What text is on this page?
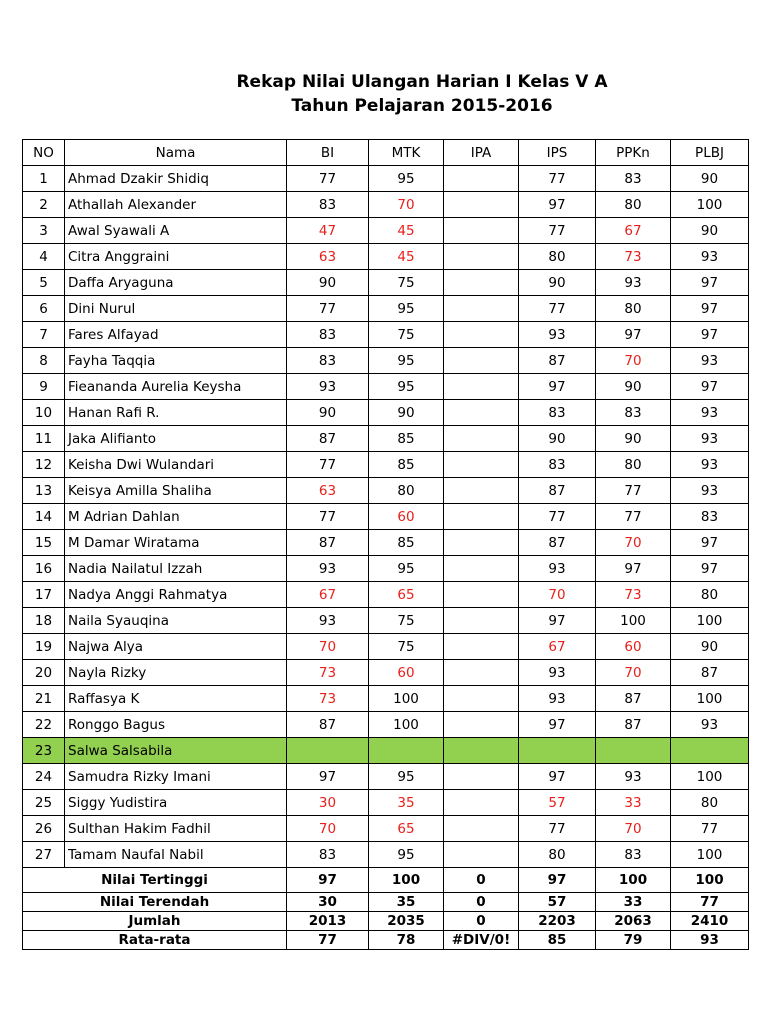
Rekap Nilai Ulangan Harian I Kelas V A
Tahun Pelajaran 2015-2016
NO	Nama	BI	MTK	IPA	IPS	PPKn	PLBJ
1	Ahmad Dzakir Shidiq	77	95		77	83	90
2	Athallah Alexander	83	70		97	80	100
3	Awal Syawali A	47	45		77	67	90
4	Citra Anggraini	63	45		80	73	93
5	Daffa Aryaguna	90	75		90	93	97
6	Dini Nurul	77	95		77	80	97
7	Fares Alfayad	83	75		93	97	97
8	Fayha Taqqia	83	95		87	70	93
9	Fieananda Aurelia Keysha	93	95		97	90	97
10	Hanan Rafi R.	90	90		83	83	93
11	Jaka Alifianto	87	85		90	90	93
12	Keisha Dwi Wulandari	77	85		83	80	93
13	Keisya Amilla Shaliha	63	80		87	77	93
14	M Adrian Dahlan	77	60		77	77	83
15	M Damar Wiratama	87	85		87	70	97
16	Nadia Nailatul Izzah	93	95		93	97	97
17	Nadya Anggi Rahmatya	67	65		70	73	80
18	Naila Syauqina	93	75		97	100	100
19	Najwa Alya	70	75		67	60	90
20	Nayla Rizky	73	60		93	70	87
21	Raffasya K	73	100		93	87	100
22	Ronggo Bagus	87	100		97	87	93
23	Salwa Salsabila						
24	Samudra Rizky Imani	97	95		97	93	100
25	Siggy Yudistira	30	35		57	33	80
26	Sulthan Hakim Fadhil	70	65		77	70	77
27	Tamam Naufal Nabil	83	95		80	83	100
Nilai Tertinggi		97	100	0	97	100	100
Nilai Terendah		30	35	0	57	33	77
Jumlah		2013	2035	0	2203	2063	2410
Rata-rata		77	78	#DIV/0!	85	79	93
